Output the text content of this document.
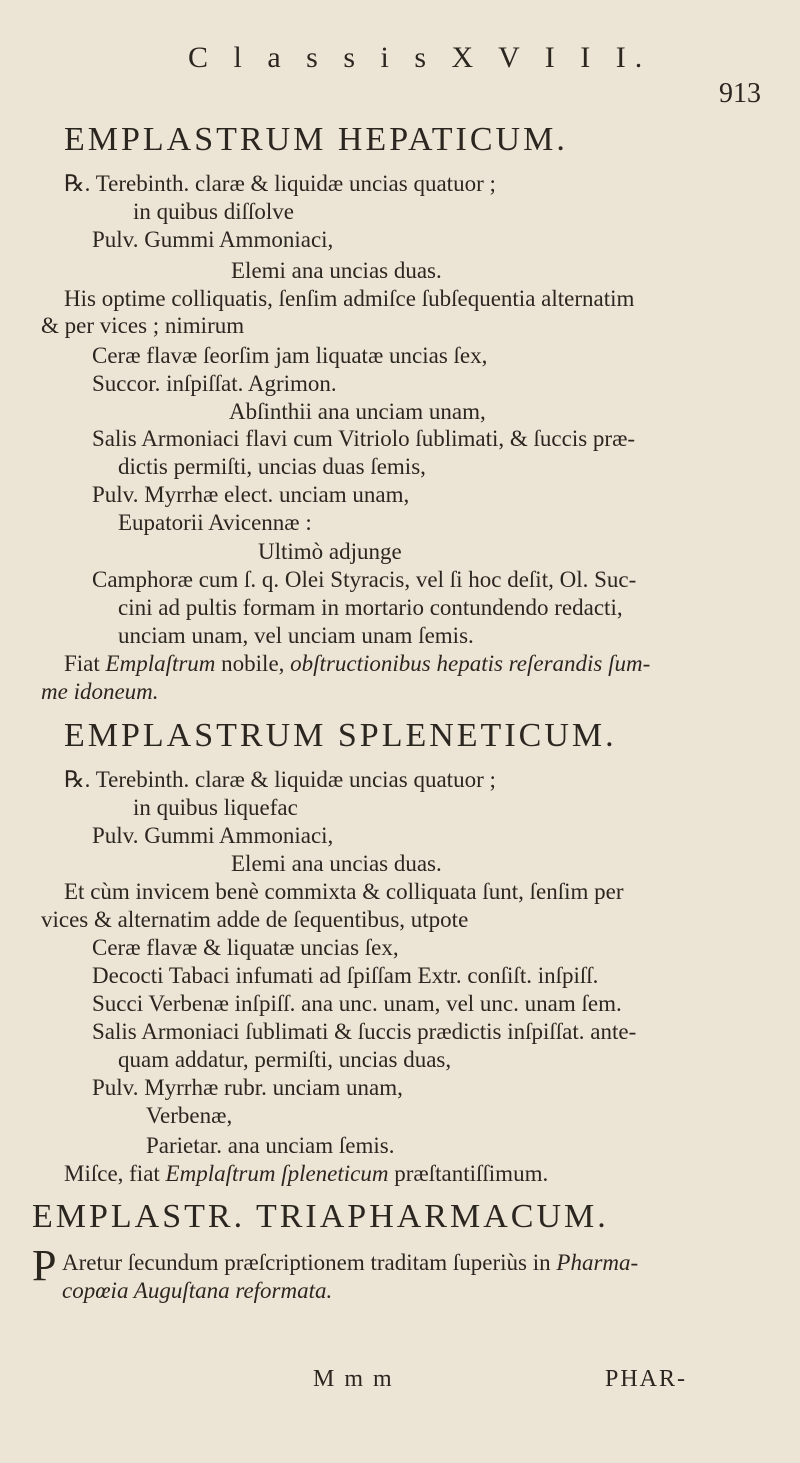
C l a s s i s X V I I I.
913
EMPLASTRUM HEPATICUM.
℞. Terebinth. claræ & liquidæ uncias quatuor ;
in quibus diſſolve
Pulv. Gummi Ammoniaci,
Elemi ana uncias duas.
His optime colliquatis, ſenſim admiſce ſubſequentia alternatim
& per vices ; nimirum
Ceræ flavæ ſeorſim jam liquatæ uncias ſex,
Succor. inſpiſſat. Agrimon.
Abſinthii ana unciam unam,
Salis Armoniaci flavi cum Vitriolo ſublimati, & ſuccis præ-
dictis permiſti, uncias duas ſemis,
Pulv. Myrrhæ elect. unciam unam,
Eupatorii Avicennæ :
Ultimò adjunge
Camphoræ cum ſ. q. Olei Styracis, vel ſi hoc deſit, Ol. Suc-
cini ad pultis formam in mortario contundendo redacti,
unciam unam, vel unciam unam ſemis.
Fiat Emplaſtrum nobile, obſtructionibus hepatis reſerandis ſum-
me idoneum.
EMPLASTRUM SPLENETICUM.
℞. Terebinth. claræ & liquidæ uncias quatuor ;
in quibus liquefac
Pulv. Gummi Ammoniaci,
Elemi ana uncias duas.
Et cùm invicem benè commixta & colliquata ſunt, ſenſim per
vices & alternatim adde de ſequentibus, utpote
Ceræ flavæ & liquatæ uncias ſex,
Decocti Tabaci infumati ad ſpiſſam Extr. conſiſt. inſpiſſ.
Succi Verbenæ inſpiſſ. ana unc. unam, vel unc. unam ſem.
Salis Armoniaci ſublimati & ſuccis prædictis inſpiſſat. ante-
quam addatur, permiſti, uncias duas,
Pulv. Myrrhæ rubr. unciam unam,
Verbenæ,
Parietar. ana unciam ſemis.
Miſce, fiat Emplaſtrum ſpleneticum præſtantiſſimum.
EMPLASTR. TRIAPHARMACUM.
P Aretur ſecundum præſcriptionem traditam ſuperiùs in Pharma-
copœia Auguſtana reformata.
M m m	PHAR-
